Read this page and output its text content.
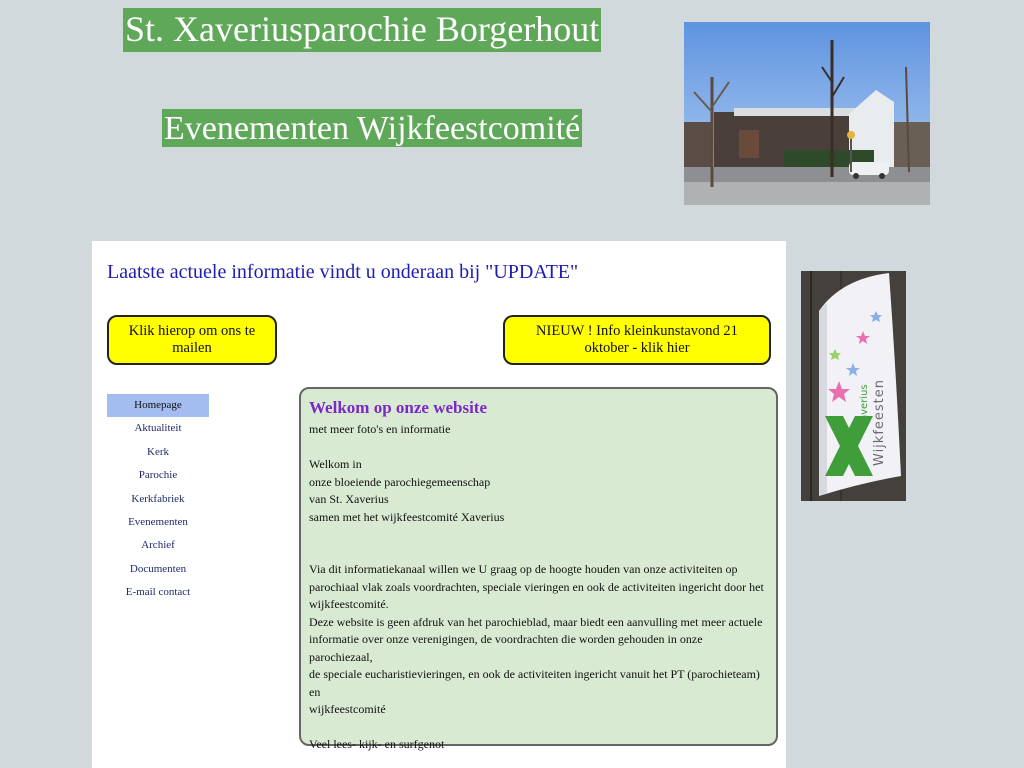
St. Xaveriusparochie Borgerhout
Evenementen Wijkfeestcomité
Laatste actuele informatie vindt u onderaan bij "UPDATE"
Klik hierop om ons te mailen
NIEUW ! Info kleinkunstavond 21 oktober - klik hier
Homepage
Aktualiteit
Kerk
Parochie
Kerkfabriek
Evenementen
Archief
Documenten
E-mail contact
Welkom op onze website
met meer foto's en informatie
Welkom in
onze bloeiende parochiegemeenschap
van St. Xaverius
samen met het wijkfeestcomité Xaverius
Via dit informatiekanaal willen we U graag op de hoogte houden van onze activiteiten op
parochiaal vlak zoals voordrachten, speciale vieringen en ook de activiteiten ingericht door het
wijkfeestcomité.
Deze website is geen afdruk van het parochieblad, maar biedt een aanvulling met meer actuele
informatie over onze verenigingen, de voordrachten die worden gehouden in onze parochiezaal,
de speciale eucharistievieringen, en ook de activiteiten ingericht vanuit het PT (parochieteam) en
wijkfeestcomité
Veel lees- kijk- en surfgenot
Wijkfeesten
averius
